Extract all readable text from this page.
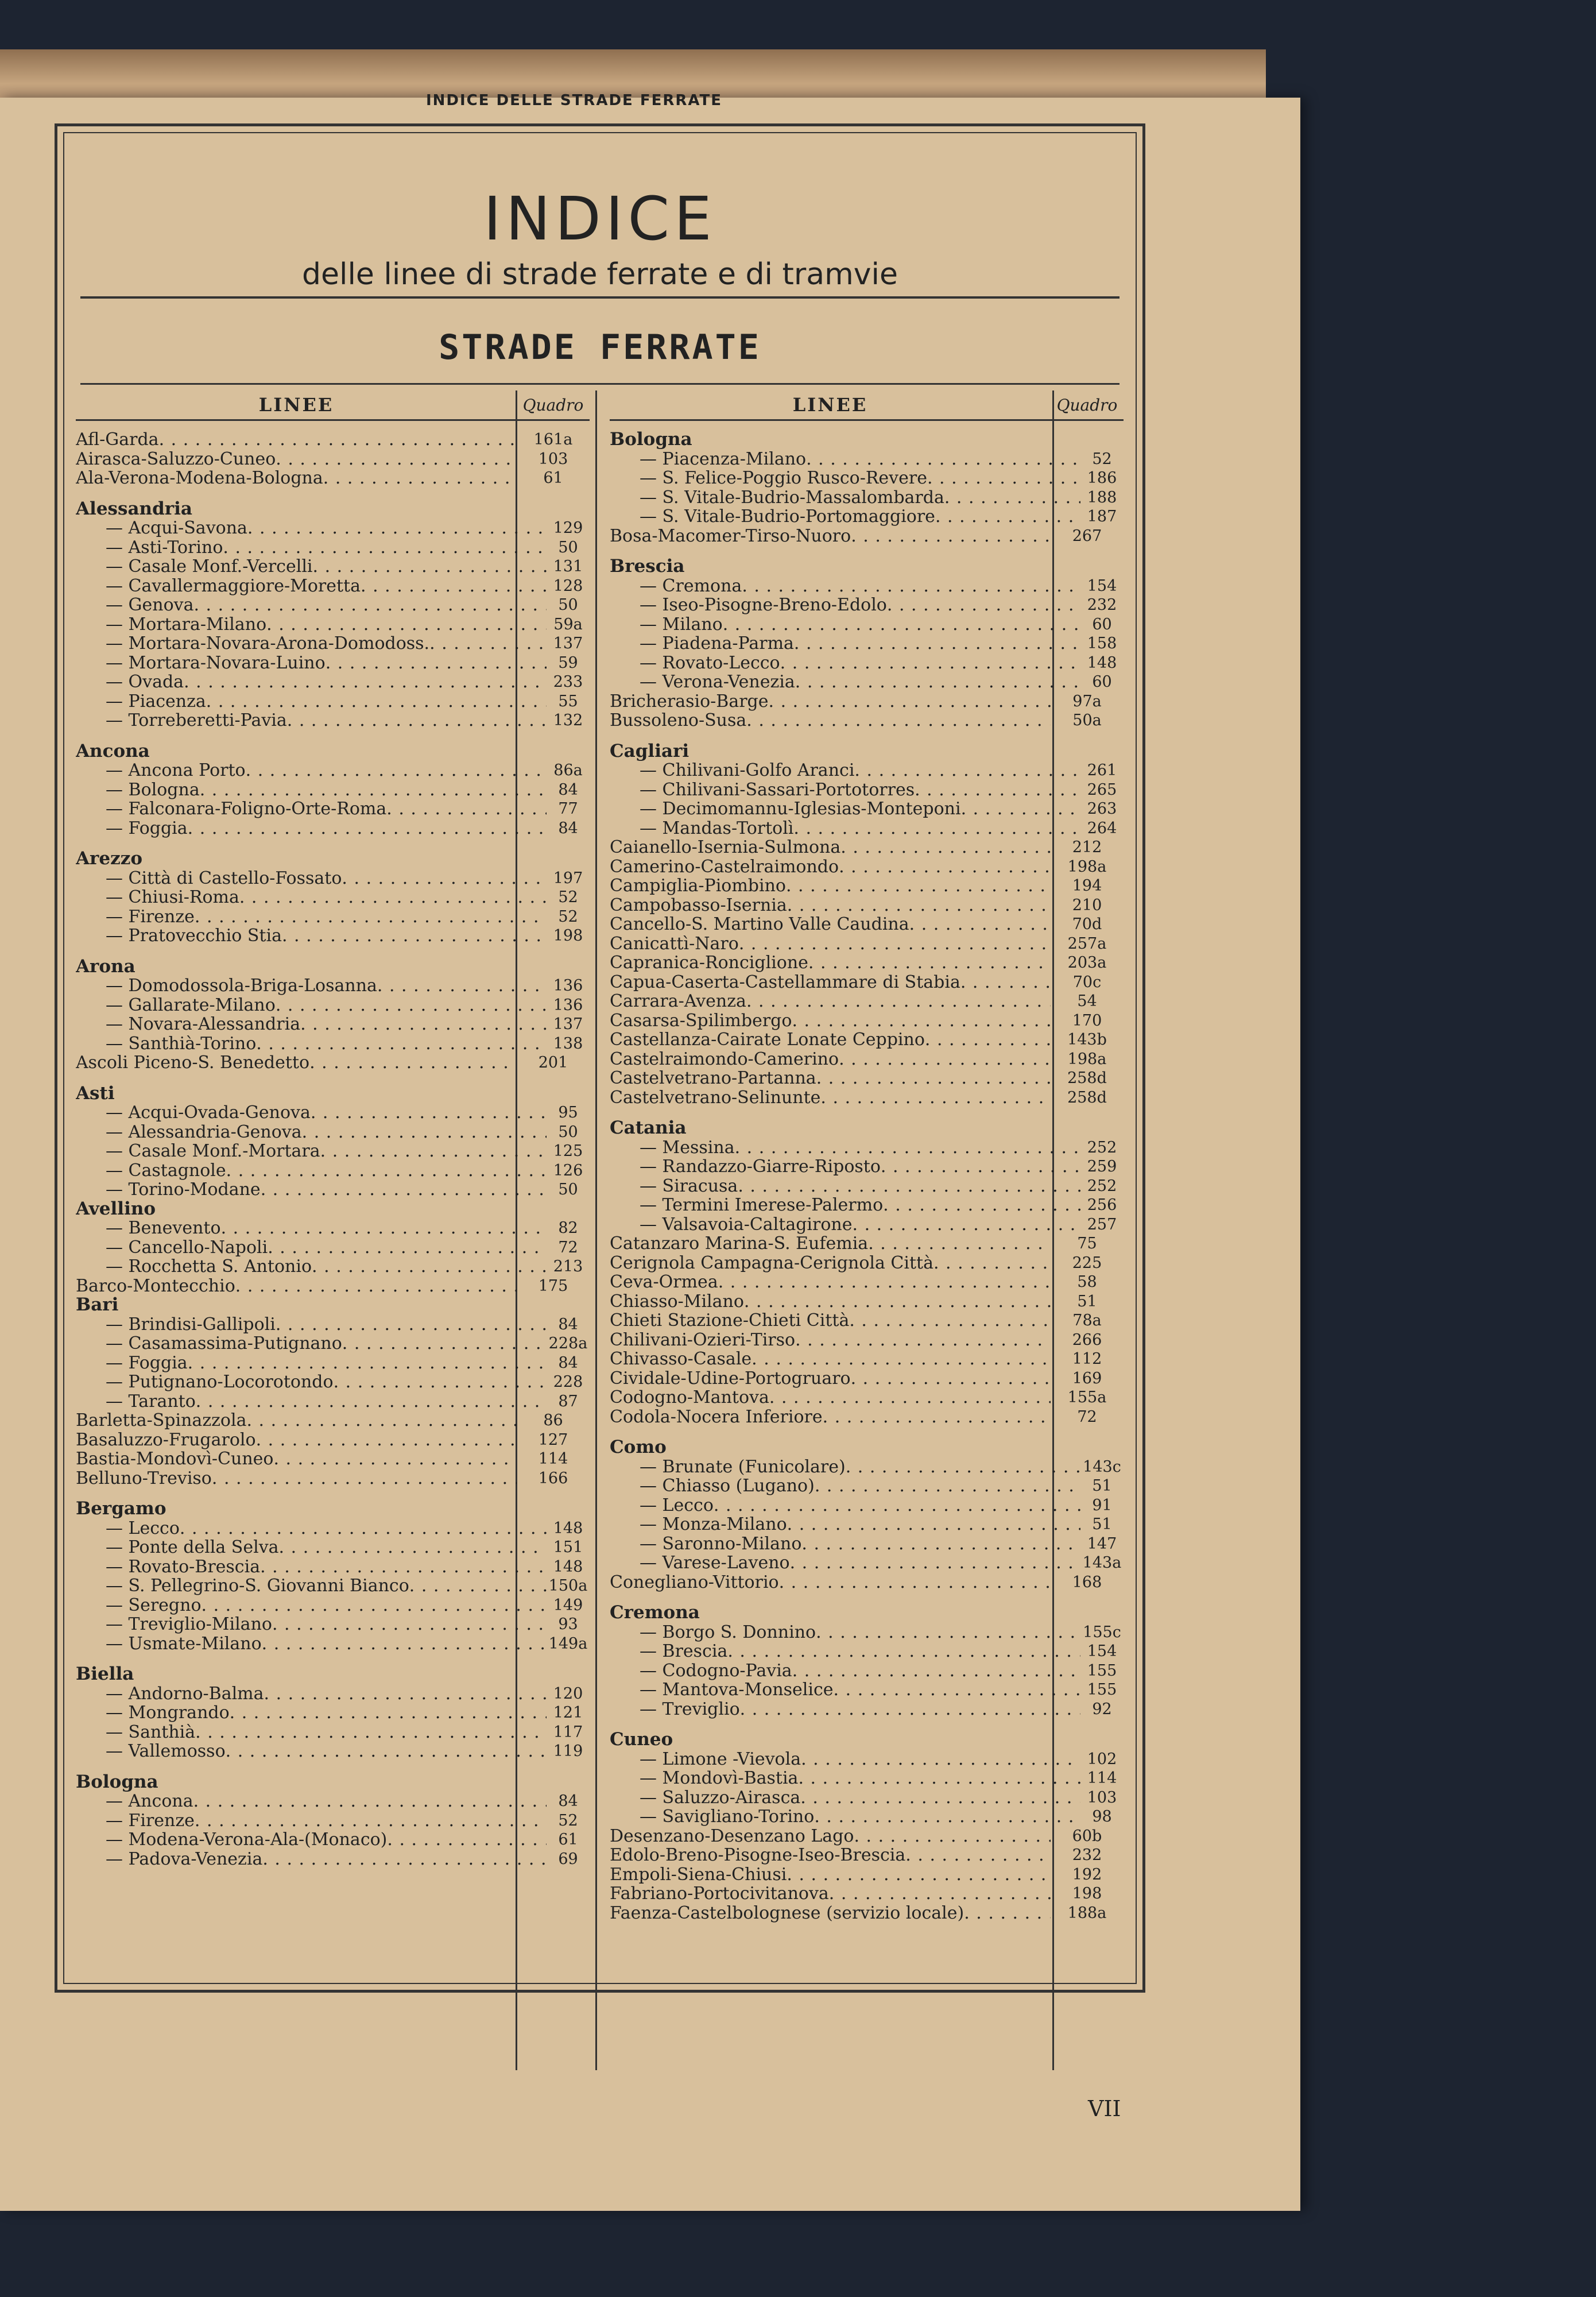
INDICE DELLE STRADE FERRATE
INDICE
delle linee di strade ferrate e di tramvie
STRADE FERRATE
LINEE	Quadro
Afl-Garda . . .	161a
Airasca-Saluzzo-Cuneo . . .	103
Ala-Verona-Modena-Bologna . . .	61
Alessandria
— Acqui-Savona . . .	129
— Asti-Torino . . .	50
— Casale Monf.-Vercelli . . .	131
— Cavallermaggiore-Moretta . . .	128
— Genova . . .	50
— Mortara-Milano . . .	59a
— Mortara-Novara-Arona-Domodoss. . . .	137
— Mortara-Novara-Luino . . .	59
— Ovada . . .	233
— Piacenza . . .	55
— Torreberetti-Pavia . . .	132
Ancona
— Ancona Porto . . .	86a
— Bologna . . .	84
— Falconara-Foligno-Orte-Roma . . .	77
— Foggia . . .	84
Arezzo
— Città di Castello-Fossato . . .	197
— Chiusi-Roma . . .	52
— Firenze . . .	52
— Pratovecchio Stia . . .	198
Arona
— Domodossola-Briga-Losanna . . .	136
— Gallarate-Milano . . .	136
— Novara-Alessandria . . .	137
— Santhià-Torino . . .	138
Ascoli Piceno-S. Benedetto . . .	201
Asti
— Acqui-Ovada-Genova . . .	95
— Alessandria-Genova . . .	50
— Casale Monf.-Mortara . . .	125
— Castagnole . . .	126
— Torino-Modane . . .	50
Avellino
— Benevento . . .	82
— Cancello-Napoli . . .	72
— Rocchetta S. Antonio . . .	213
Barco-Montecchio . . .	175
Bari
— Brindisi-Gallipoli . . .	84
— Casamassima-Putignano . . .	228a
— Foggia . . .	84
— Putignano-Locorotondo . . .	228
— Taranto . . .	87
Barletta-Spinazzola . . .	86
Basaluzzo-Frugarolo . . .	127
Bastia-Mondovì-Cuneo . . .	114
Belluno-Treviso . . .	166
Bergamo
— Lecco . . .	148
— Ponte della Selva . . .	151
— Rovato-Brescia . . .	148
— S. Pellegrino-S. Giovanni Bianco . . .	150a
— Seregno . . .	149
— Treviglio-Milano . . .	93
— Usmate-Milano . . .	149a
Biella
— Andorno-Balma . . .	120
— Mongrando . . .	121
— Santhià . . .	117
— Vallemosso . . .	119
Bologna
— Ancona . . .	84
— Firenze . . .	52
— Modena-Verona-Ala-(Monaco) . . .	61
— Padova-Venezia . . .	69
LINEE	Quadro
Bologna
— Piacenza-Milano . . .	52
— S. Felice-Poggio Rusco-Revere . . .	186
— S. Vitale-Budrio-Massalombarda . . .	188
— S. Vitale-Budrio-Portomaggiore . . .	187
Bosa-Macomer-Tirso-Nuoro . . .	267
Brescia
— Cremona . . .	154
— Iseo-Pisogne-Breno-Edolo . . .	232
— Milano . . .	60
— Piadena-Parma . . .	158
— Rovato-Lecco . . .	148
— Verona-Venezia . . .	60
Bricherasio-Barge . . .	97a
Bussoleno-Susa . . .	50a
Cagliari
— Chilivani-Golfo Aranci . . .	261
— Chilivani-Sassari-Portotorres . . .	265
— Decimomannu-Iglesias-Monteponi . . .	263
— Mandas-Tortolì . . .	264
Caianello-Isernia-Sulmona . . .	212
Camerino-Castelraimondo . . .	198a
Campiglia-Piombino . . .	194
Campobasso-Isernia . . .	210
Cancello-S. Martino Valle Caudina . . .	70d
Canicattì-Naro . . .	257a
Capranica-Ronciglione . . .	203a
Capua-Caserta-Castellammare di Stabia . . .	70c
Carrara-Avenza . . .	54
Casarsa-Spilimbergo . . .	170
Castellanza-Cairate Lonate Ceppino . . .	143b
Castelraimondo-Camerino . . .	198a
Castelvetrano-Partanna . . .	258d
Castelvetrano-Selinunte . . .	258d
Catania
— Messina . . .	252
— Randazzo-Giarre-Riposto . . .	259
— Siracusa . . .	252
— Termini Imerese-Palermo . . .	256
— Valsavoia-Caltagirone . . .	257
Catanzaro Marina-S. Eufemia . . .	75
Cerignola Campagna-Cerignola Città . . .	225
Ceva-Ormea . . .	58
Chiasso-Milano . . .	51
Chieti Stazione-Chieti Città . . .	78a
Chilivani-Ozieri-Tirso . . .	266
Chivasso-Casale . . .	112
Cividale-Udine-Portogruaro . . .	169
Codogno-Mantova . . .	155a
Codola-Nocera Inferiore . . .	72
Como
— Brunate (Funicolare) . . .	143c
— Chiasso (Lugano) . . .	51
— Lecco . . .	91
— Monza-Milano . . .	51
— Saronno-Milano . . .	147
— Varese-Laveno . . .	143a
Conegliano-Vittorio . . .	168
Cremona
— Borgo S. Donnino . . .	155c
— Brescia . . .	154
— Codogno-Pavia . . .	155
— Mantova-Monselice . . .	155
— Treviglio . . .	92
Cuneo
— Limone -Vievola . . .	102
— Mondovì-Bastia . . .	114
— Saluzzo-Airasca . . .	103
— Savigliano-Torino . . .	98
Desenzano-Desenzano Lago . . .	60b
Edolo-Breno-Pisogne-Iseo-Brescia . . .	232
Empoli-Siena-Chiusi . . .	192
Fabriano-Portocivitanova . . .	198
Faenza-Castelbolognese (servizio locale) . . .	188a
VII
